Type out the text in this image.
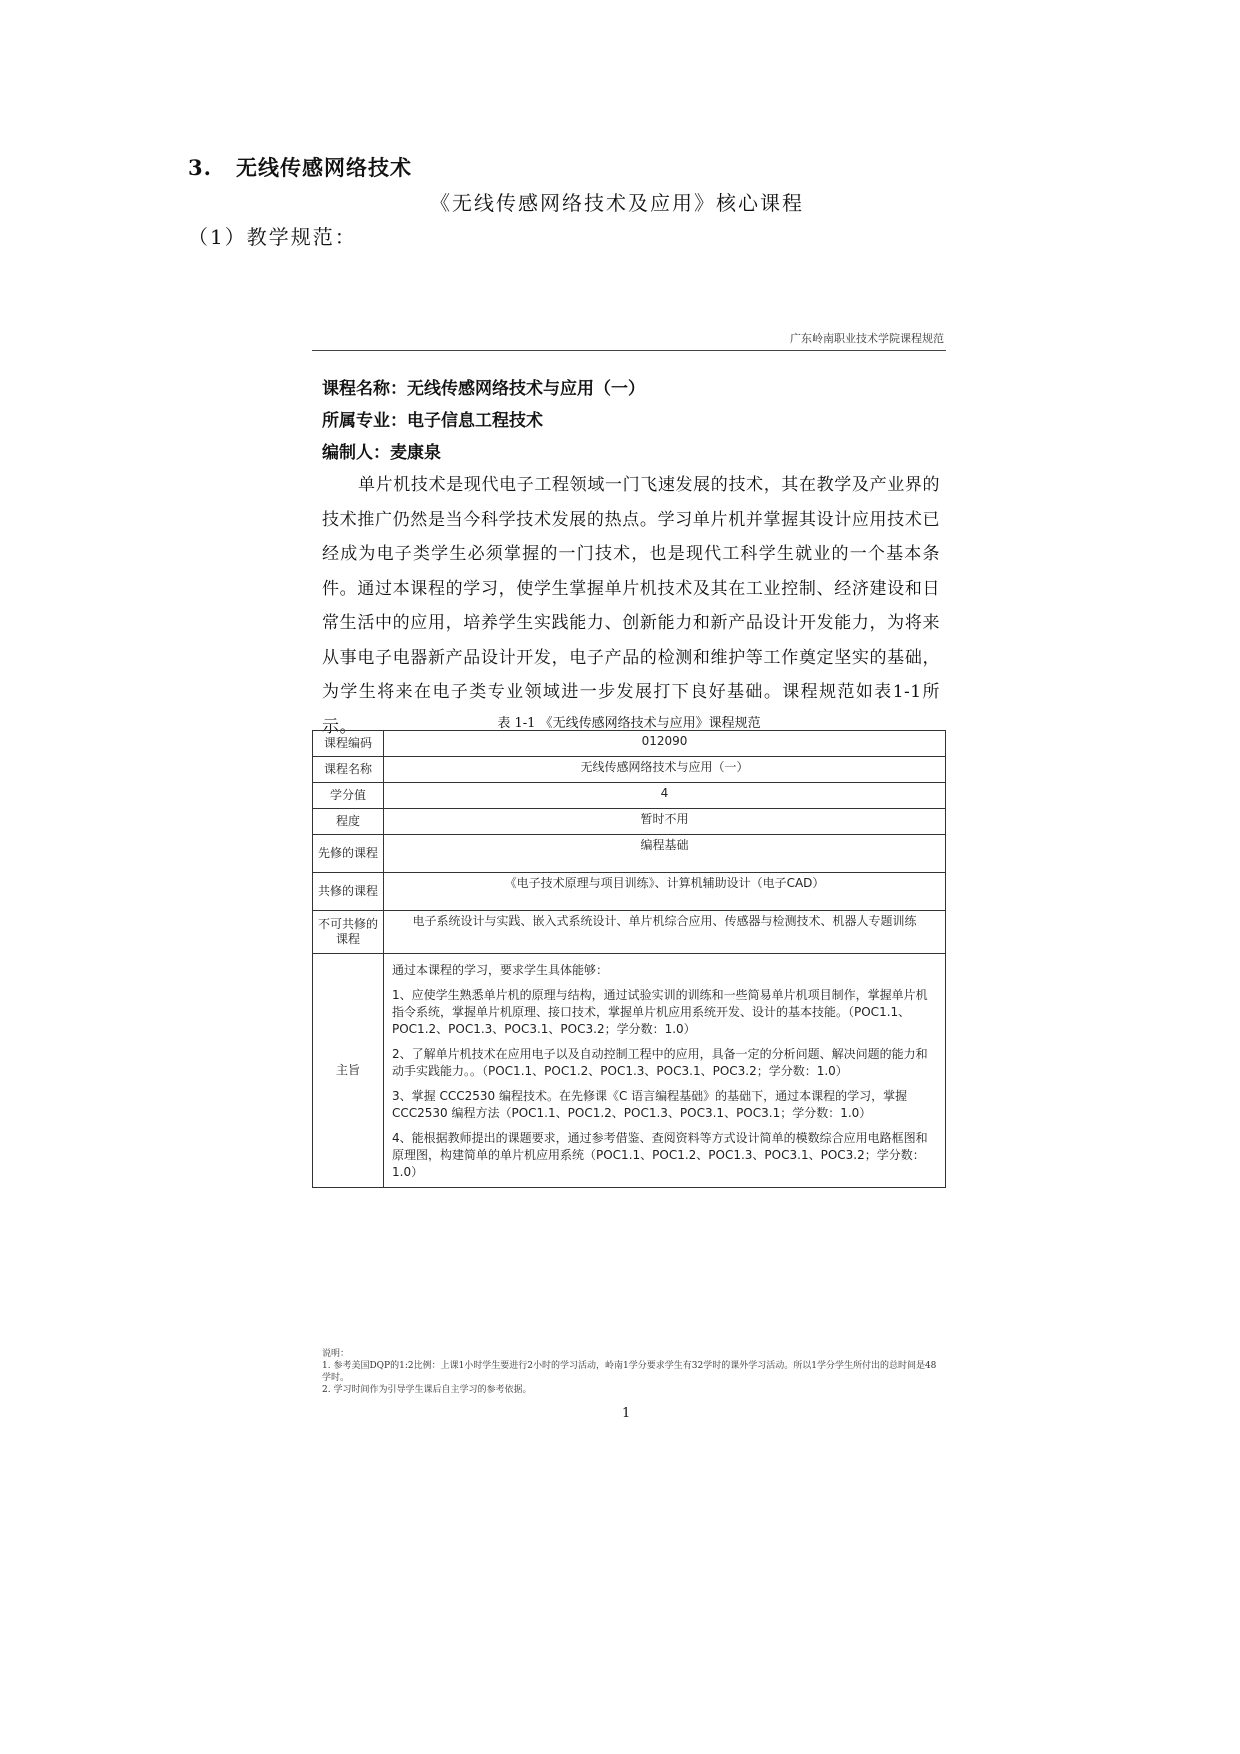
3. 无线传感网络技术
《无线传感网络技术及应用》核心课程
（1）教学规范：
广东岭南职业技术学院课程规范
课程名称：无线传感网络技术与应用（一）
所属专业：电子信息工程技术
编制人：麦康泉
单片机技术是现代电子工程领域一门飞速发展的技术，其在教学及产业界的技术推广仍然是当今科学技术发展的热点。学习单片机并掌握其设计应用技术已经成为电子类学生必须掌握的一门技术，也是现代工科学生就业的一个基本条件。通过本课程的学习，使学生掌握单片机技术及其在工业控制、经济建设和日常生活中的应用，培养学生实践能力、创新能力和新产品设计开发能力，为将来从事电子电器新产品设计开发，电子产品的检测和维护等工作奠定坚实的基础，为学生将来在电子类专业领域进一步发展打下良好基础。课程规范如表1-1所示。	表 1-1 《无线传感网络技术与应用》课程规范
课程编码	012090
课程名称	无线传感网络技术与应用（一）
学分值	4
程度	暂时不用
先修的课程	编程基础
共修的课程	《电子技术原理与项目训练》、计算机辅助设计（电子CAD）
不可共修的课程	电子系统设计与实践、嵌入式系统设计、单片机综合应用、传感器与检测技术、机器人专题训练
主旨	通过本课程的学习，要求学生具体能够：

1、应使学生熟悉单片机的原理与结构，通过试验实训的训练和一些简易单片机项目制作，掌握单片机指令系统，掌握单片机原理、接口技术，掌握单片机应用系统开发、设计的基本技能。（POC1.1、POC1.2、POC1.3、POC3.1、POC3.2；学分数：1.0）

2、了解单片机技术在应用电子以及自动控制工程中的应用，具备一定的分析问题、解决问题的能力和动手实践能力。。（POC1.1、POC1.2、POC1.3、POC3.1、POC3.2；学分数：1.0）

3、掌握 CCC2530 编程技术。在先修课《C 语言编程基础》的基础下，通过本课程的学习，掌握 CCC2530 编程方法（POC1.1、POC1.2、POC1.3、POC3.1、POC3.1；学分数：1.0）

4、能根据教师提出的课题要求，通过参考借鉴、查阅资料等方式设计简单的模数综合应用电路框图和原理图，构建简单的单片机应用系统（POC1.1、POC1.2、POC1.3、POC3.1、POC3.2；学分数：1.0）

说明：
1. 参考美国DQP的1:2比例：上课1小时学生要进行2小时的学习活动，岭南1学分要求学生有32学时的课外学习活动。所以1学分学生所付出的总时间是48学时。
2. 学习时间作为引导学生课后自主学习的参考依据。
1
